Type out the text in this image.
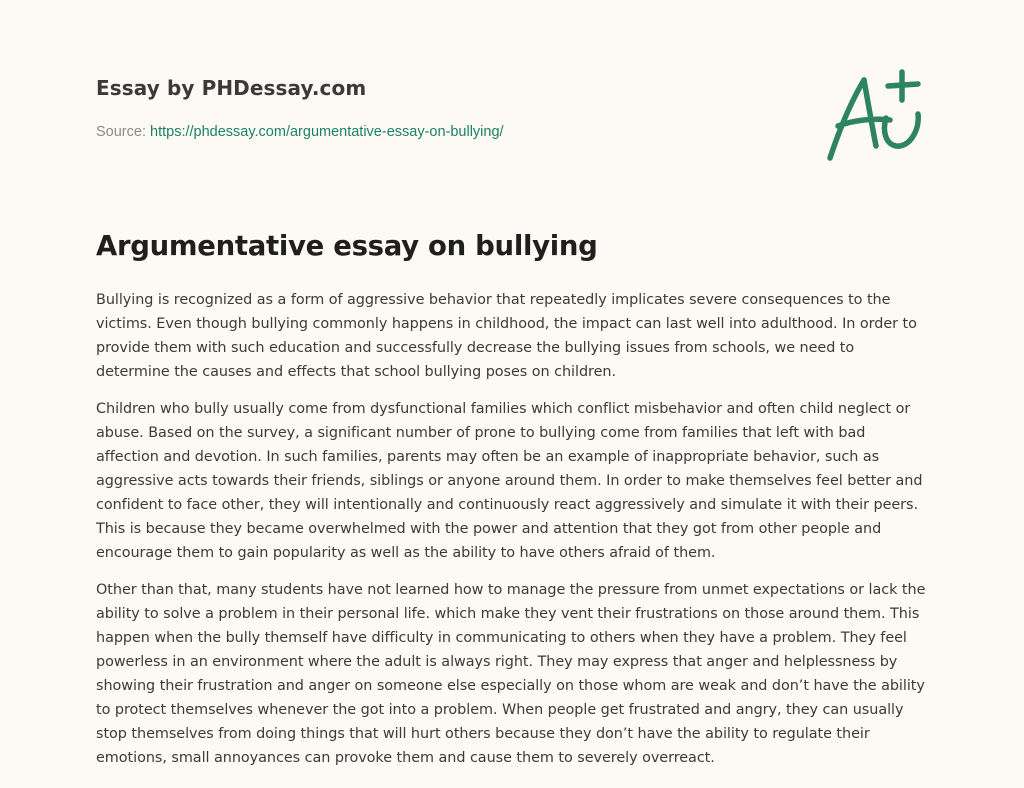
Essay by PHDessay.com
Source: https://phdessay.com/argumentative-essay-on-bullying/
Argumentative essay on bullying

Bullying is recognized as a form of aggressive behavior that repeatedly implicates severe consequences to the victims. Even though bullying commonly happens in childhood, the impact can last well into adulthood. In order to provide them with such education and successfully decrease the bullying issues from schools, we need to determine the causes and effects that school bullying poses on children.

Children who bully usually come from dysfunctional families which conflict misbehavior and often child neglect or abuse. Based on the survey, a significant number of prone to bullying come from families that left with bad affection and devotion. In such families, parents may often be an example of inappropriate behavior, such as aggressive acts towards their friends, siblings or anyone around them. In order to make themselves feel better and confident to face other, they will intentionally and continuously react aggressively and simulate it with their peers. This is because they became overwhelmed with the power and attention that they got from other people and encourage them to gain popularity as well as the ability to have others afraid of them.

Other than that, many students have not learned how to manage the pressure from unmet expectations or lack the ability to solve a problem in their personal life. which make they vent their frustrations on those around them. This happen when the bully themself have difficulty in communicating to others when they have a problem. They feel powerless in an environment where the adult is always right. They may express that anger and helplessness by showing their frustration and anger on someone else especially on those whom are weak and don’t have the ability to protect themselves whenever the got into a problem. When people get frustrated and angry, they can usually stop themselves from doing things that will hurt others because they don’t have the ability to regulate their emotions, small annoyances can provoke them and cause them to severely overreact.
